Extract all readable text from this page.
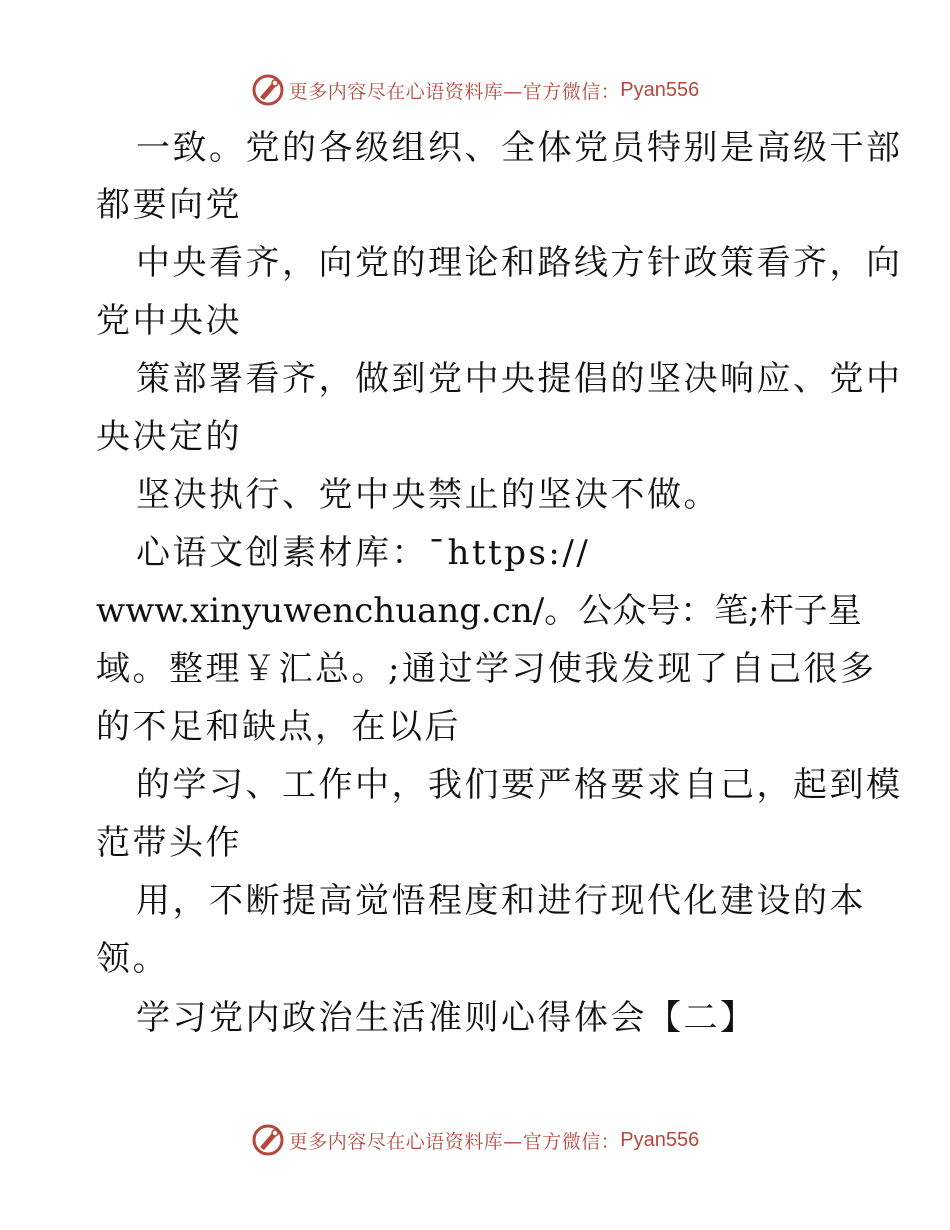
更多内容尽在心语资料库—官方微信： Pyan556
一致。党的各级组织、全体党员特别是高级干部
都要向党
中央看齐，向党的理论和路线方针政策看齐，向
党中央决
策部署看齐，做到党中央提倡的坚决响应、党中
央决定的
坚决执行、党中央禁止的坚决不做。
心语文创素材库：¯https://
www.xinyuwenchuang.cn/。公众号：笔;杆子星
域。整理￥汇总。;通过学习使我发现了自己很多
的不足和缺点，在以后
的学习、工作中，我们要严格要求自己，起到模
范带头作
用，不断提高觉悟程度和进行现代化建设的本
领。
学习党内政治生活准则心得体会【二】
更多内容尽在心语资料库—官方微信： Pyan556
